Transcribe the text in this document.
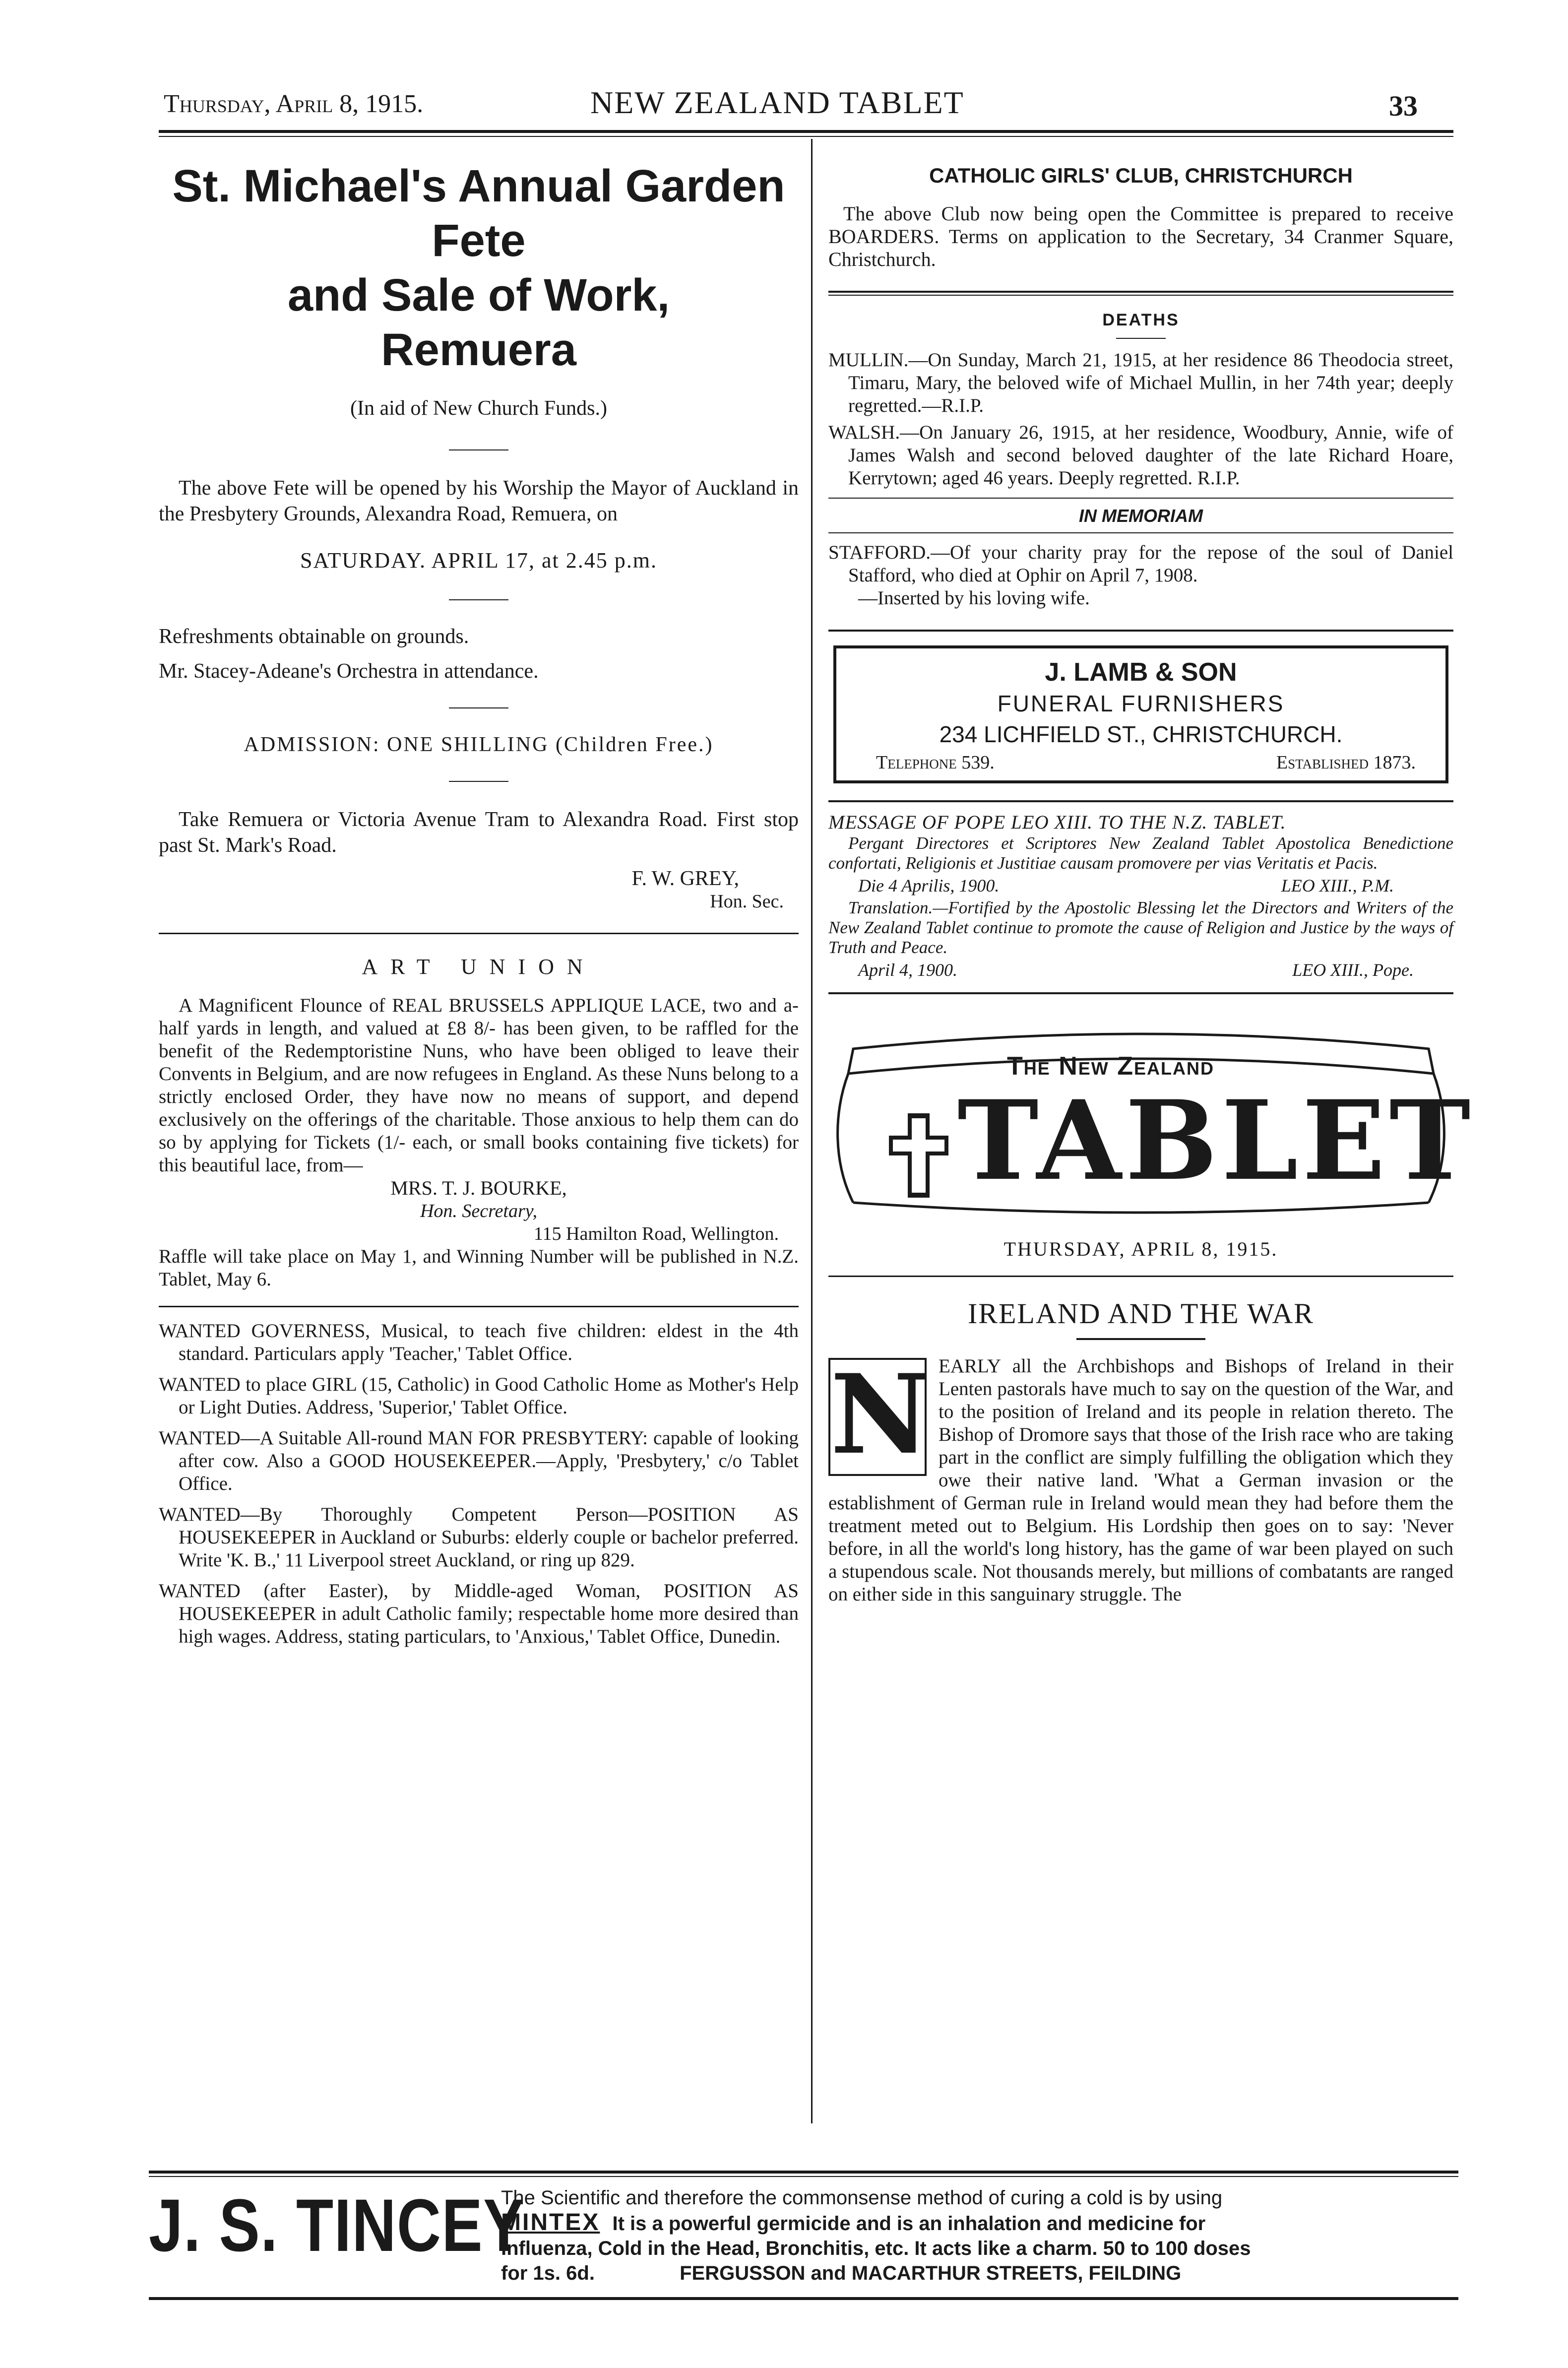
Thursday, April 8, 1915.	NEW ZEALAND TABLET	33
St. Michael's Annual Garden Fete
and Sale of Work,
Remuera

(In aid of New Church Funds.)

The above Fete will be opened by his Worship the Mayor of Auckland in the Presbytery Grounds, Alexandra Road, Remuera, on

SATURDAY. APRIL 17, at 2.45 p.m.

Refreshments obtainable on grounds.

Mr. Stacey-Adeane's Orchestra in attendance.

ADMISSION: ONE SHILLING (Children Free.)

Take Remuera or Victoria Avenue Tram to Alexandra Road. First stop past St. Mark's Road.

F. W. GREY,

Hon. Sec.

ART UNION

A Magnificent Flounce of REAL BRUSSELS APPLIQUE LACE, two and a-half yards in length, and valued at £8 8/- has been given, to be raffled for the benefit of the Redemptoristine Nuns, who have been obliged to leave their Convents in Belgium, and are now refugees in England. As these Nuns belong to a strictly enclosed Order, they have now no means of support, and depend exclusively on the offerings of the charitable. Those anxious to help them can do so by applying for Tickets (1/- each, or small books containing five tickets) for this beautiful lace, from—

MRS. T. J. BOURKE,

Hon. Secretary,

115 Hamilton Road, Wellington.

Raffle will take place on May 1, and Winning Number will be published in N.Z. Tablet, May 6.

WANTED GOVERNESS, Musical, to teach five children: eldest in the 4th standard. Particulars apply 'Teacher,' Tablet Office.

WANTED to place GIRL (15, Catholic) in Good Catholic Home as Mother's Help or Light Duties. Address, 'Superior,' Tablet Office.

WANTED—A Suitable All-round MAN FOR PRESBYTERY: capable of looking after cow. Also a GOOD HOUSEKEEPER.—Apply, 'Presbytery,' c/o Tablet Office.

WANTED—By Thoroughly Competent Person—POSITION AS HOUSEKEEPER in Auckland or Suburbs: elderly couple or bachelor preferred. Write 'K. B.,' 11 Liverpool street Auckland, or ring up 829.

WANTED (after Easter), by Middle-aged Woman, POSITION AS HOUSEKEEPER in adult Catholic family; respectable home more desired than high wages. Address, stating particulars, to 'Anxious,' Tablet Office, Dunedin.

CATHOLIC GIRLS' CLUB, CHRISTCHURCH

The above Club now being open the Committee is prepared to receive BOARDERS. Terms on application to the Secretary, 34 Cranmer Square, Christchurch.

DEATHS

MULLIN.—On Sunday, March 21, 1915, at her residence 86 Theodocia street, Timaru, Mary, the beloved wife of Michael Mullin, in her 74th year; deeply regretted.—R.I.P.

WALSH.—On January 26, 1915, at her residence, Woodbury, Annie, wife of James Walsh and second beloved daughter of the late Richard Hoare, Kerrytown; aged 46 years. Deeply regretted. R.I.P.

IN MEMORIAM

STAFFORD.—Of your charity pray for the repose of the soul of Daniel Stafford, who died at Ophir on April 7, 1908.

—Inserted by his loving wife.

J. LAMB & SON

FUNERAL FURNISHERS

234 LICHFIELD ST., CHRISTCHURCH.

Telephone 539.	Established 1873.

MESSAGE OF POPE LEO XIII. TO THE N.Z. TABLET.

Pergant Directores et Scriptores New Zealand Tablet Apostolica Benedictione confortati, Religionis et Justitiae causam promovere per vias Veritatis et Pacis.

Die 4 Aprilis, 1900.	LEO XIII., P.M.

Translation.—Fortified by the Apostolic Blessing let the Directors and Writers of the New Zealand Tablet continue to promote the cause of Religion and Justice by the ways of Truth and Peace.

April 4, 1900.	LEO XIII., Pope.
The New Zealand
TABLET

THURSDAY, APRIL 8, 1915.

IRELAND AND THE WAR

N EARLY all the Archbishops and Bishops of Ireland in their Lenten pastorals have much to say on the question of the War, and to the position of Ireland and its people in relation thereto. The Bishop of Dromore says that those of the Irish race who are taking part in the conflict are simply fulfilling the obligation which they owe their native land. 'What a German invasion or the establishment of German rule in Ireland would mean they had before them the treatment meted out to Belgium. His Lordship then goes on to say: 'Never before, in all the world's long history, has the game of war been played on such a stupendous scale. Not thousands merely, but millions of combatants are ranged on either side in this sanguinary struggle. The

J. S. TINCEY
The Scientific and therefore the commonsense method of curing a cold is by using
MINTEX It is a powerful germicide and is an inhalation and medicine for
Influenza, Cold in the Head, Bronchitis, etc. It acts like a charm. 50 to 100 doses
for 1s. 6d.	FERGUSSON and MACARTHUR STREETS, FEILDING
